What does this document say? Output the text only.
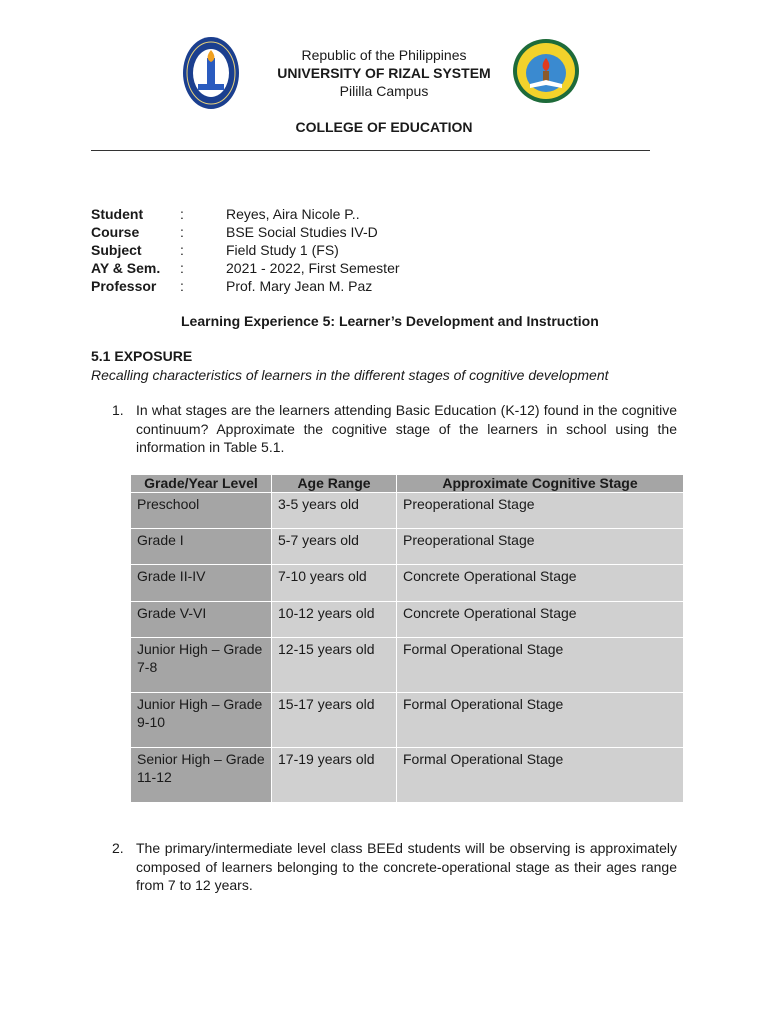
Republic of the Philippines
UNIVERSITY OF RIZAL SYSTEM
Pililla Campus
COLLEGE OF EDUCATION
Student	:	Reyes, Aira Nicole P..
Course	:	BSE Social Studies IV-D
Subject	:	Field Study 1 (FS)
AY & Sem. :	2021 - 2022, First Semester
Professor :	Prof. Mary Jean M. Paz
Learning Experience 5: Learner’s Development and Instruction
5.1 EXPOSURE
Recalling characteristics of learners in the different stages of cognitive development
1. In what stages are the learners attending Basic Education (K-12) found in the cognitive continuum? Approximate the cognitive stage of the learners in school using the information in Table 5.1.
Grade/Year Level	Age Range	Approximate Cognitive Stage
Preschool	3-5 years old	Preoperational Stage
Grade I	5-7 years old	Preoperational Stage
Grade II-IV	7-10 years old	Concrete Operational Stage
Grade V-VI	10-12 years old	Concrete Operational Stage
Junior High – Grade 7-8	12-15 years old	Formal Operational Stage
Junior High – Grade 9-10	15-17 years old	Formal Operational Stage
Senior High – Grade 11-12	17-19 years old	Formal Operational Stage
2. The primary/intermediate level class BEEd students will be observing is approximately composed of learners belonging to the concrete-operational stage as their ages range from 7 to 12 years.
